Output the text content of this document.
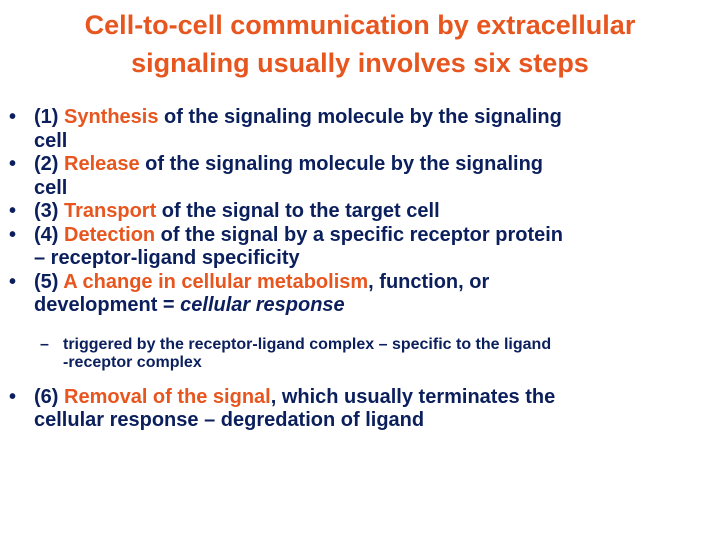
Cell-to-cell communication by extracellular
signaling usually involves six steps
• (1) Synthesis of the signaling molecule by the signaling
cell
• (2) Release of the signaling molecule by the signaling
cell
• (3) Transport of the signal to the target cell
• (4) Detection of the signal by a specific receptor protein
– receptor-ligand specificity
• (5) A change in cellular metabolism, function, or
development = cellular response
– triggered by the receptor-ligand complex – specific to the ligand
-receptor complex
• (6) Removal of the signal, which usually terminates the
cellular response – degredation of ligand
